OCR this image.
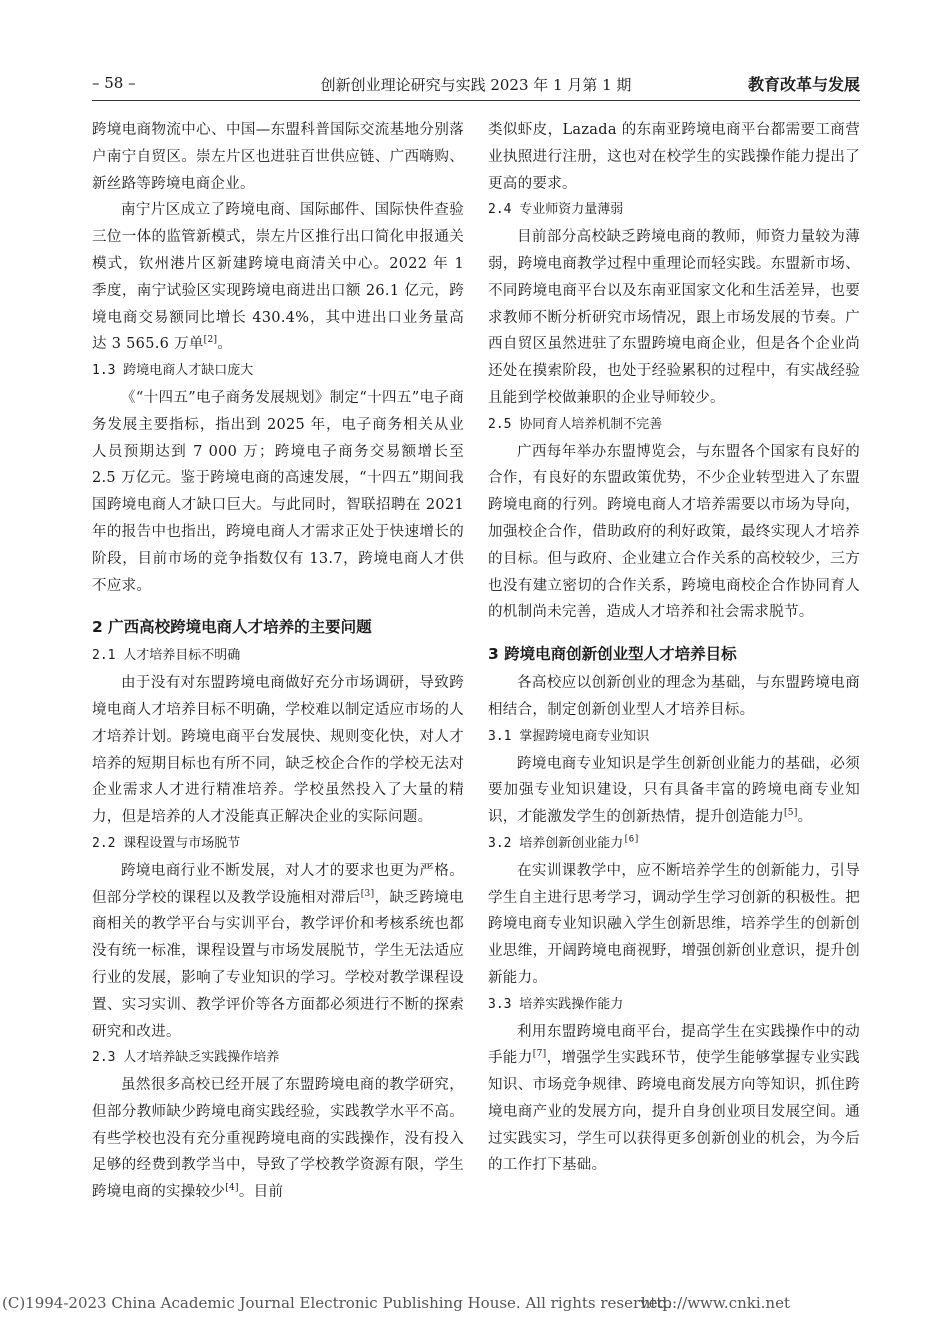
– 58 –	创新创业理论研究与实践 2023 年 1 月第 1 期	教育改革与发展

跨境电商物流中心、中国—东盟科普国际交流基地分别落户南宁自贸区。崇左片区也进驻百世供应链、广西嗨购、新丝路等跨境电商企业。

南宁片区成立了跨境电商、国际邮件、国际快件查验三位一体的监管新模式，崇左片区推行出口简化申报通关模式，钦州港片区新建跨境电商清关中心。2022 年 1 季度，南宁试验区实现跨境电商进出口额 26.1 亿元，跨境电商交易额同比增长 430.4%，其中进出口业务量高达 3 565.6 万单[2]。

1.3 跨境电商人才缺口庞大

《“十四五”电子商务发展规划》制定“十四五”电子商务发展主要指标，指出到 2025 年，电子商务相关从业人员预期达到 7 000 万；跨境电子商务交易额增长至 2.5 万亿元。鉴于跨境电商的高速发展，“十四五”期间我国跨境电商人才缺口巨大。与此同时，智联招聘在 2021 年的报告中也指出，跨境电商人才需求正处于快速增长的阶段，目前市场的竞争指数仅有 13.7，跨境电商人才供不应求。

2 广西高校跨境电商人才培养的主要问题

2.1 人才培养目标不明确

由于没有对东盟跨境电商做好充分市场调研，导致跨境电商人才培养目标不明确，学校难以制定适应市场的人才培养计划。跨境电商平台发展快、规则变化快，对人才培养的短期目标也有所不同，缺乏校企合作的学校无法对企业需求人才进行精准培养。学校虽然投入了大量的精力，但是培养的人才没能真正解决企业的实际问题。

2.2 课程设置与市场脱节

跨境电商行业不断发展，对人才的要求也更为严格。但部分学校的课程以及教学设施相对滞后[3]，缺乏跨境电商相关的教学平台与实训平台，教学评价和考核系统也都没有统一标准，课程设置与市场发展脱节，学生无法适应行业的发展，影响了专业知识的学习。学校对教学课程设置、实习实训、教学评价等各方面都必须进行不断的探索研究和改进。

2.3 人才培养缺乏实践操作培养

虽然很多高校已经开展了东盟跨境电商的教学研究，但部分教师缺少跨境电商实践经验，实践教学水平不高。有些学校也没有充分重视跨境电商的实践操作，没有投入足够的经费到教学当中，导致了学校教学资源有限，学生跨境电商的实操较少[4]。目前

类似虾皮，Lazada 的东南亚跨境电商平台都需要工商营业执照进行注册，这也对在校学生的实践操作能力提出了更高的要求。

2.4 专业师资力量薄弱

目前部分高校缺乏跨境电商的教师，师资力量较为薄弱，跨境电商教学过程中重理论而轻实践。东盟新市场、不同跨境电商平台以及东南亚国家文化和生活差异，也要求教师不断分析研究市场情况，跟上市场发展的节奏。广西自贸区虽然进驻了东盟跨境电商企业，但是各个企业尚还处在摸索阶段，也处于经验累积的过程中，有实战经验且能到学校做兼职的企业导师较少。

2.5 协同育人培养机制不完善

广西每年举办东盟博览会，与东盟各个国家有良好的合作，有良好的东盟政策优势，不少企业转型进入了东盟跨境电商的行列。跨境电商人才培养需要以市场为导向，加强校企合作，借助政府的利好政策，最终实现人才培养的目标。但与政府、企业建立合作关系的高校较少，三方也没有建立密切的合作关系，跨境电商校企合作协同育人的机制尚未完善，造成人才培养和社会需求脱节。

3 跨境电商创新创业型人才培养目标

各高校应以创新创业的理念为基础，与东盟跨境电商相结合，制定创新创业型人才培养目标。

3.1 掌握跨境电商专业知识

跨境电商专业知识是学生创新创业能力的基础，必须要加强专业知识建设，只有具备丰富的跨境电商专业知识，才能激发学生的创新热情，提升创造能力[5]。

3.2 培养创新创业能力[6]

在实训课教学中，应不断培养学生的创新能力，引导学生自主进行思考学习，调动学生学习创新的积极性。把跨境电商专业知识融入学生创新思维，培养学生的创新创业思维，开阔跨境电商视野，增强创新创业意识，提升创新能力。

3.3 培养实践操作能力

利用东盟跨境电商平台，提高学生在实践操作中的动手能力[7]，增强学生实践环节，使学生能够掌握专业实践知识、市场竞争规律、跨境电商发展方向等知识，抓住跨境电商产业的发展方向，提升自身创业项目发展空间。通过实践实习，学生可以获得更多创新创业的机会，为今后的工作打下基础。

(C)1994-2023 China Academic Journal Electronic Publishing House. All rights reserved.
http://www.cnki.net
